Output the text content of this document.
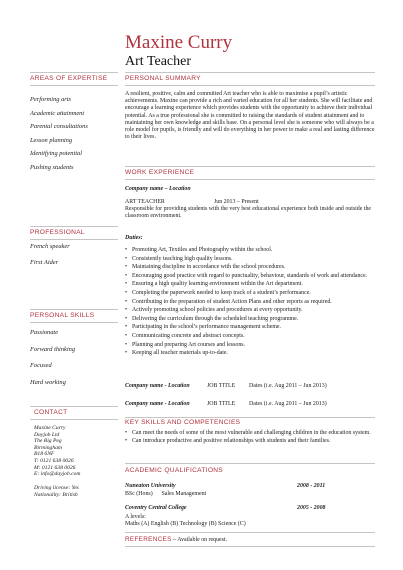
Maxine Curry
Art Teacher
AREAS OF EXPERTISE
Performing arts
Academic attainment
Parental consultations
Lesson planning
Identifying potential
Pushing students
PROFESSIONAL
French speaker
First Aider
PERSONAL SKILLS
Passionate
Forward thinking
Focused
Hard working
CONTACT
Maxine Curry
Dayjob Ltd
The Big Peg
Birmingham
B18 6NF
T: 0121 638 0026
M: 0121 638 0026
E: info@dayjob.com
Driving license: Yes
Nationality: British
PERSONAL SUMMARY
A resilient, positive, calm and committed Art teacher who is able to maximise a pupil’s artistic achievements. Maxine can provide a rich and varied education for all her students. She will facilitate and encourage a learning experience which provides students with the opportunity to achieve their individual potential. As a true professional she is committed to raising the standards of student attainment and to maintaining her own knowledge and skills base. On a personal level she is someone who will always be a role model for pupils, is friendly and will do everything in her power to make a real and lasting difference to their lives.
WORK EXPERIENCE
Company name – Location
ART TEACHER	Jun 2013 – Present
Responsible for providing students with the very best educational experience both inside and outside the classroom environment.
Duties:
• Promoting Art, Textiles and Photography within the school.
• Consistently teaching high quality lessons.
• Maintaining discipline in accordance with the school procedures.
• Encouraging good practice with regard to punctuality, behaviour, standards of work and attendance.
• Ensuring a high quality learning environment within the Art department.
• Completing the paperwork needed to keep track of a student’s performance.
• Contributing to the preparation of student Action Plans and other reports as required.
• Actively promoting school policies and procedures at every opportunity.
• Delivering the curriculum through the scheduled teaching programme.
• Participating in the school’s performance management scheme.
• Communicating concrete and abstract concepts.
• Planning and preparing Art courses and lessons.
• Keeping all teacher materials up-to-date.
Company name - Location	JOB TITLE Dates (i.e. Aug 2011 – Jun 2013)
Company name - Location	JOB TITLE Dates (i.e. Aug 2011 – Jun 2013)
KEY SKILLS AND COMPETENCIES
• Can meet the needs of some of the most vulnerable and challenging children in the education system.
• Can introduce productive and positive relationships with students and their families.
ACADEMIC QUALIFICATIONS
Nuneaton University	2008 - 2011
BSc (Hons)      Sales Management
Coventry Central College	2005 - 2008
A levels:
Maths (A) English (B) Technology (B) Science (C)
REFERENCES – Available on request.
